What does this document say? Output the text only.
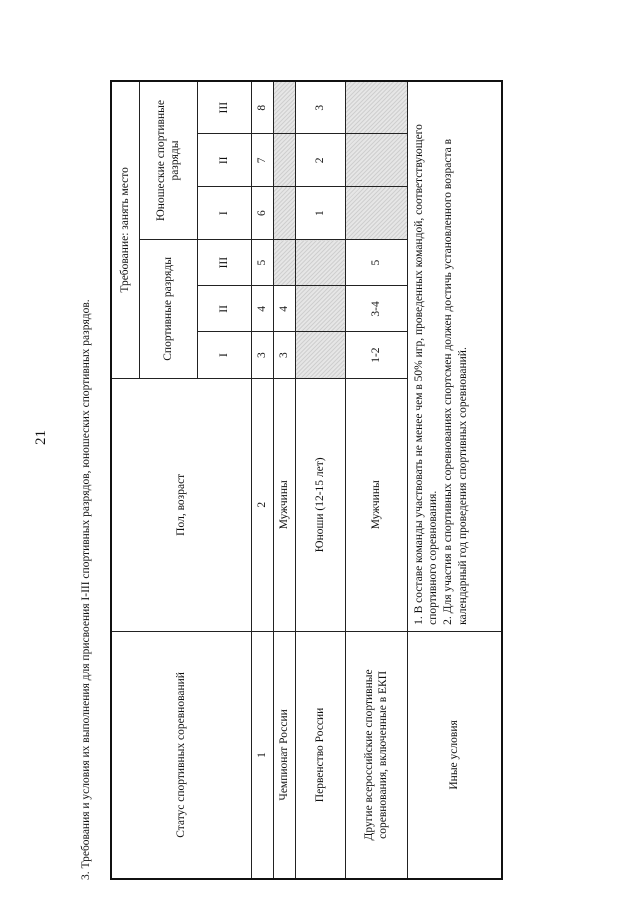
21	3. Требования и условия их выполнения для присвоения I-III спортивных разрядов, юношеских спортивных разрядов.	Статус спортивных соревнований	Пол, возраст	Требование: занять место					
		Спортивные разряды			Юношеские спортивные разряды		
		I	II	III	I	II	III
1	2	3	4	5	6	7	8
Чемпионат России	Мужчины	3	4				
Первенство России	Юноши (12-15 лет)				1	2	3
Другие всероссийские спортивные соревнования, включенные в ЕКП	Мужчины	1-2	3-4	5			
Иные условия	1. В составе команды участвовать не менее чем в 50% игр, проведенных командой, соответствующего спортивного соревнования. 2. Для участия в спортивных соревнованиях спортсмен должен достичь установленного возраста в календарный год проведения спортивных соревнований.						
